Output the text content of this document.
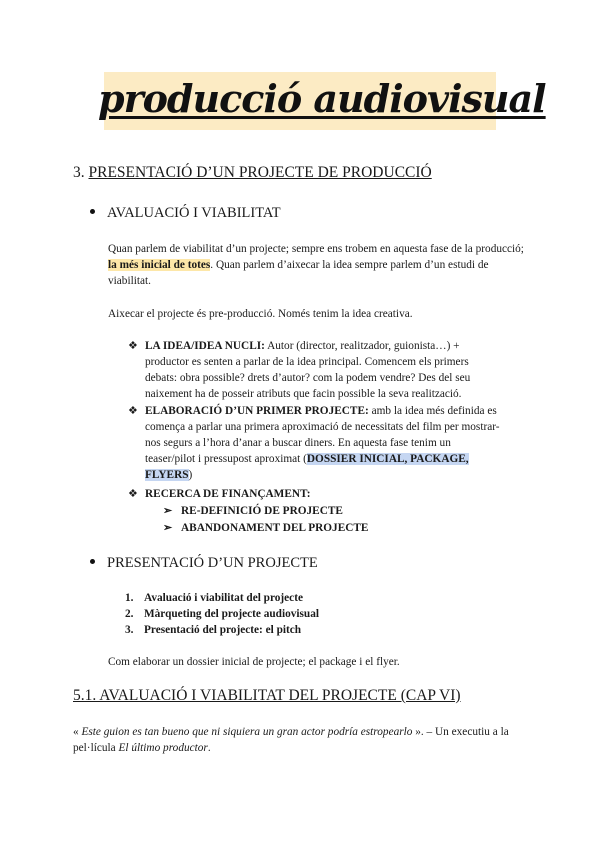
producció audiovisual
3. PRESENTACIÓ D’UN PROJECTE DE PRODUCCIÓ
AVALUACIÓ I VIABILITAT
Quan parlem de viabilitat d’un projecte; sempre ens trobem en aquesta fase de la producció; la més inicial de totes. Quan parlem d’aixecar la idea sempre parlem d’un estudi de viabilitat.
Aixecar el projecte és pre-producció. Només tenim la idea creativa.
❖ LA IDEA/IDEA NUCLI: Autor (director, realitzador, guionista…) + productor es senten a parlar de la idea principal. Comencem els primers debats: obra possible? drets d’autor? com la podem vendre? Des del seu naixement ha de posseir atributs que facin possible la seva realització.
❖ ELABORACIÓ D’UN PRIMER PROJECTE: amb la idea més definida es comença a parlar una primera aproximació de necessitats del film per mostrar-nos segurs a l’hora d’anar a buscar diners. En aquesta fase tenim un teaser/pilot i pressupost aproximat (DOSSIER INICIAL, PACKAGE, FLYERS)
❖ RECERCA DE FINANÇAMENT:
➢ RE-DEFINICIÓ DE PROJECTE
➢ ABANDONAMENT DEL PROJECTE
PRESENTACIÓ D’UN PROJECTE
1. Avaluació i viabilitat del projecte
2. Màrqueting del projecte audiovisual
3. Presentació del projecte: el pitch
Com elaborar un dossier inicial de projecte; el package i el flyer.
5.1. AVALUACIÓ I VIABILITAT DEL PROJECTE (CAP VI)
« Este guion es tan bueno que ni siquiera un gran actor podría estropearlo ». – Un executiu a la pel·lícula El último productor.
